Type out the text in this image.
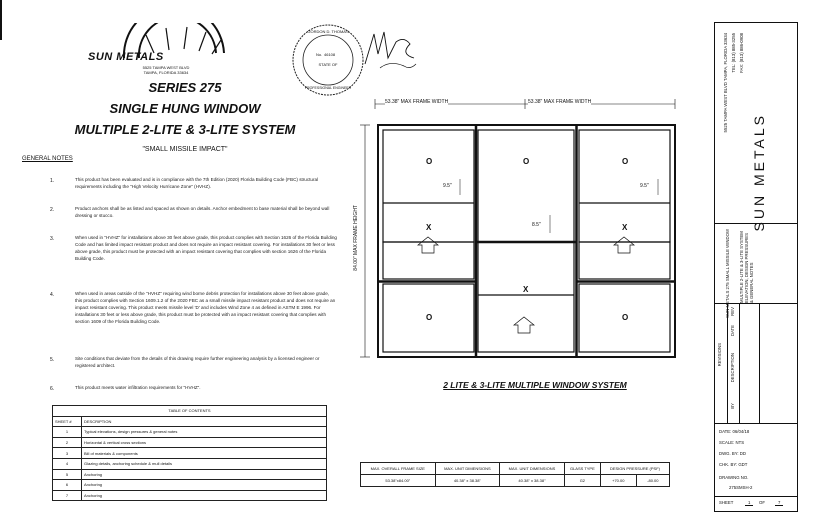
SUN METALS
5525 TAMPA WEST BLVD
TAMPA, FLORIDA 33634
GORDON D. THOMAS
No. 46108
STATE OF
PROFESSIONAL ENGINEER
SERIES 275
SINGLE HUNG WINDOW
MULTIPLE 2-LITE & 3-LITE SYSTEM
"SMALL MISSILE IMPACT"
GENERAL NOTES
1.	This product has been evaluated and is in compliance with the 7th Edition (2020) Florida Building Code (FBC) structural requirements including the "High Velocity Hurricane Zone" (HVHZ).
2.	Product anchors shall be as listed and spaced as shown on details. Anchor embedment to base material shall be beyond wall dressing or stucco.
3.	When used in "HVHZ" for installations above 30 feet above grade, this product complies with Section 1626 of the Florida Building Code and has limited impact resistant product and does not require an impact resistant covering. For installations 30 feet or less above grade, this product must be protected with an impact resistant covering that complies with section 1626 of the Florida Building Code.
4.	When used in areas outside of the "HVHZ" requiring wind borne debris protection for installations above 30 feet above grade, this product complies with Section 1609.1.2 of the 2020 FBC as a small missile impact resistant product and does not require an impact resistant covering. This product meets missile level 'D' and includes Wind Zone 4 as defined in ASTM E 1996. For installations 30 feet or less above grade, this product must be protected with an impact resistant covering that complies with section 1609 of the Florida Building Code.
5.	Site conditions that deviate from the details of this drawing require further engineering analysis by a licensed engineer or registered architect.
6.	This product meets water infiltration requirements for "HVHZ".
TABLE OF CONTENTS	
SHEET #	DESCRIPTION
1	Typical elevations, design pressures & general notes
2	Horizontal & vertical cross sections
3	Bill of materials & components
4	Glazing details, anchoring schedule & mull details
5	Anchoring
6	Anchoring
7	Anchoring
53.38" MAX FRAME WIDTH	53.38" MAX FRAME WIDTH
84.00" MAX FRAME HEIGHT
9.5"	9.5"
8.5"
O
X
O
O
X
O
X
O
2 LITE & 3-LITE MULTIPLE WINDOW SYSTEM
MAX. OVERALL FRAME SIZE	MAX. UNIT DIMENSIONS	MAX. UNIT DIMENSIONS	GLASS TYPE	DESIGN PRESSURE (PSF)	
53.38"x84.00"	40.38" x 38.38"	40.38" x 38.38"	G2	+70.00	-80.00
5525 TAMPA WEST BLVD TAMPA, FLORIDA 33634 TEL: (813) 885-3255 FAX: (813) 886-0908
SUN METALS
SUN METALS 275 SMALL MISSILE WINDOW MULTIPLE 2-LITE & 3-LITE SYSTEM ELEVATION, DESIGN PRESSURES & GENERAL NOTES
REVISIONS
REV
DATE
DESCRIPTION
BY
DATE: 06/04/18
SCALE: NTS
DWG. BY: DD
CHK. BY: GDT
DRAWING NO.
275SMSH-2
SHEET	1	OF	7
